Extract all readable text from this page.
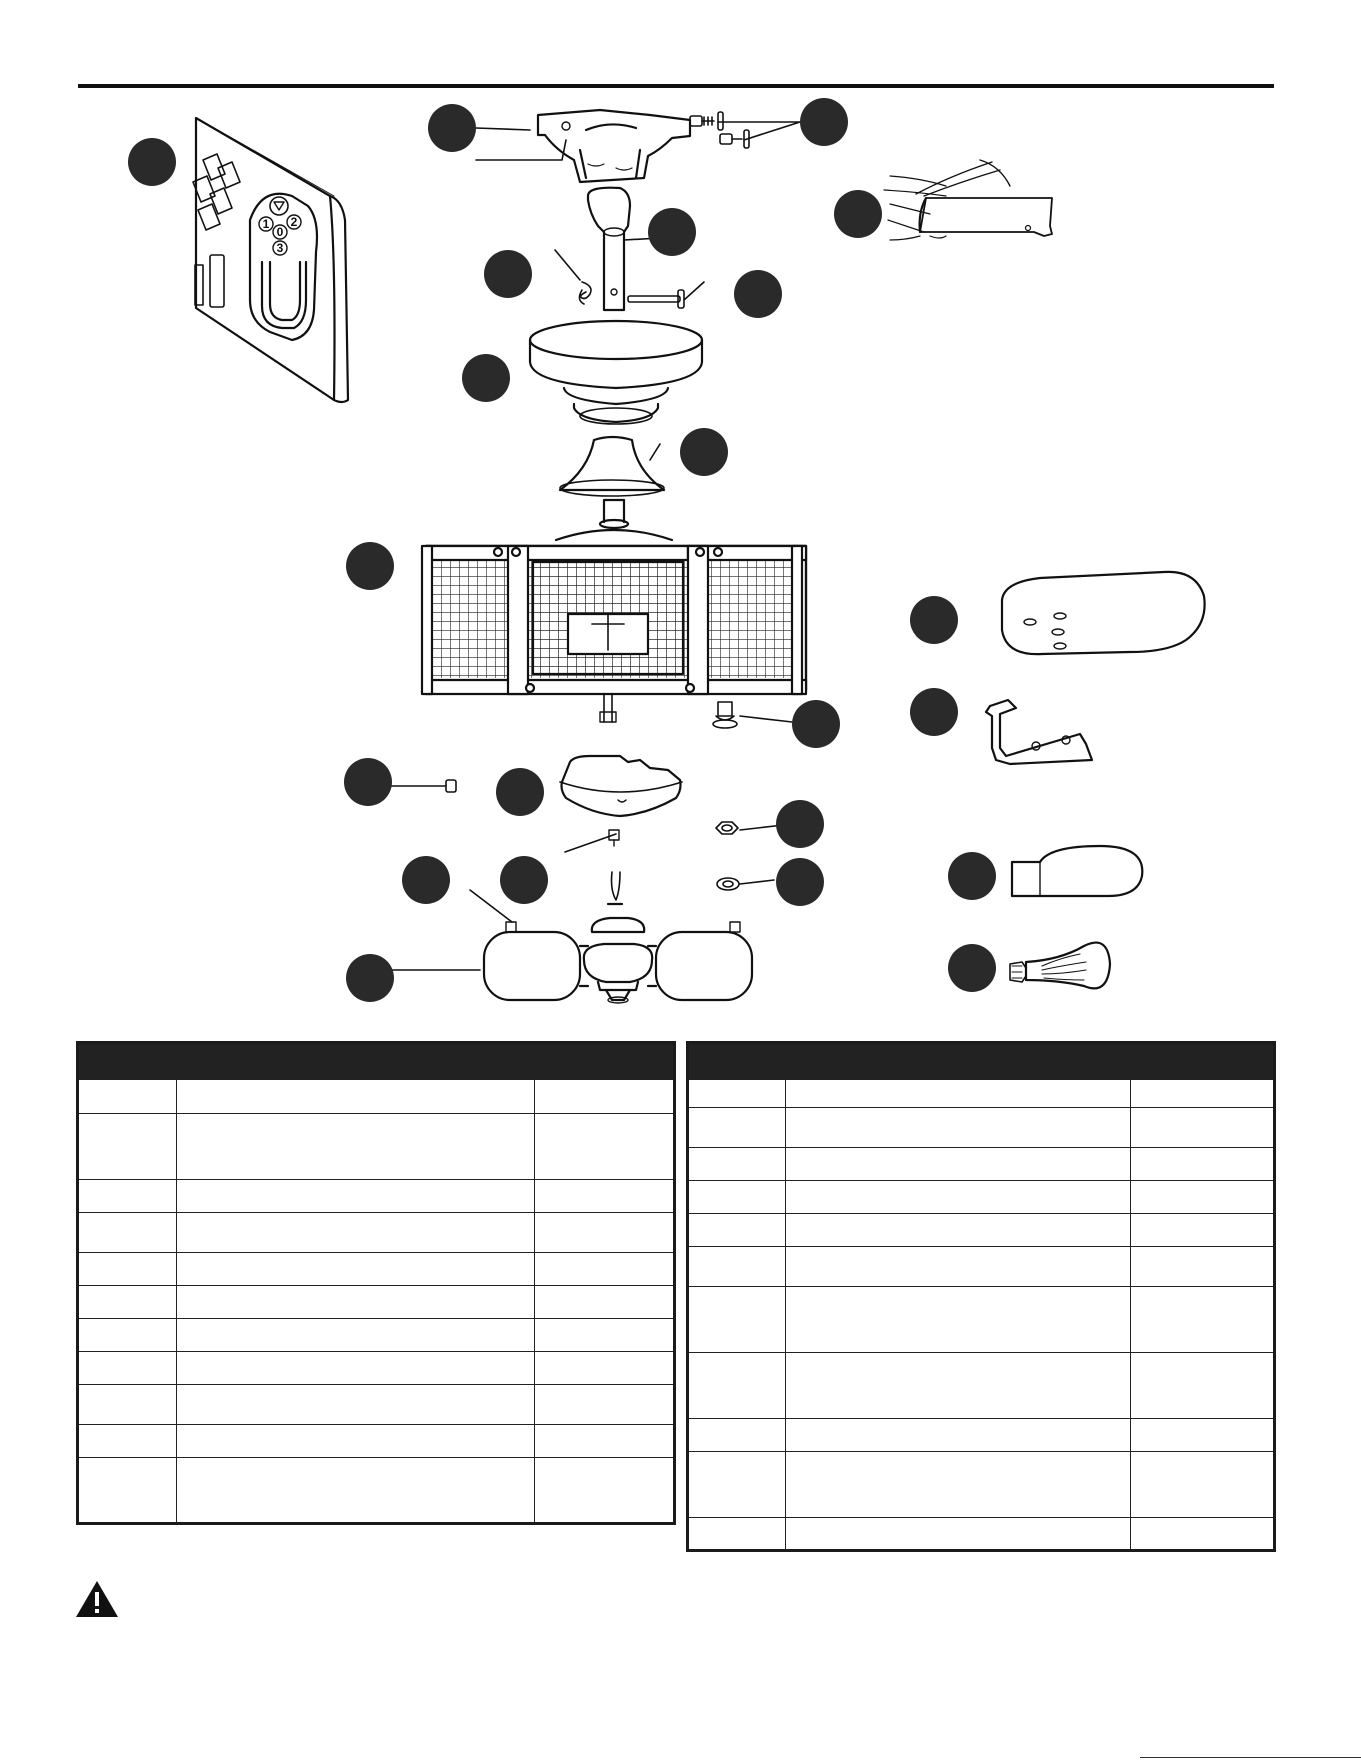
1
0
2
3
